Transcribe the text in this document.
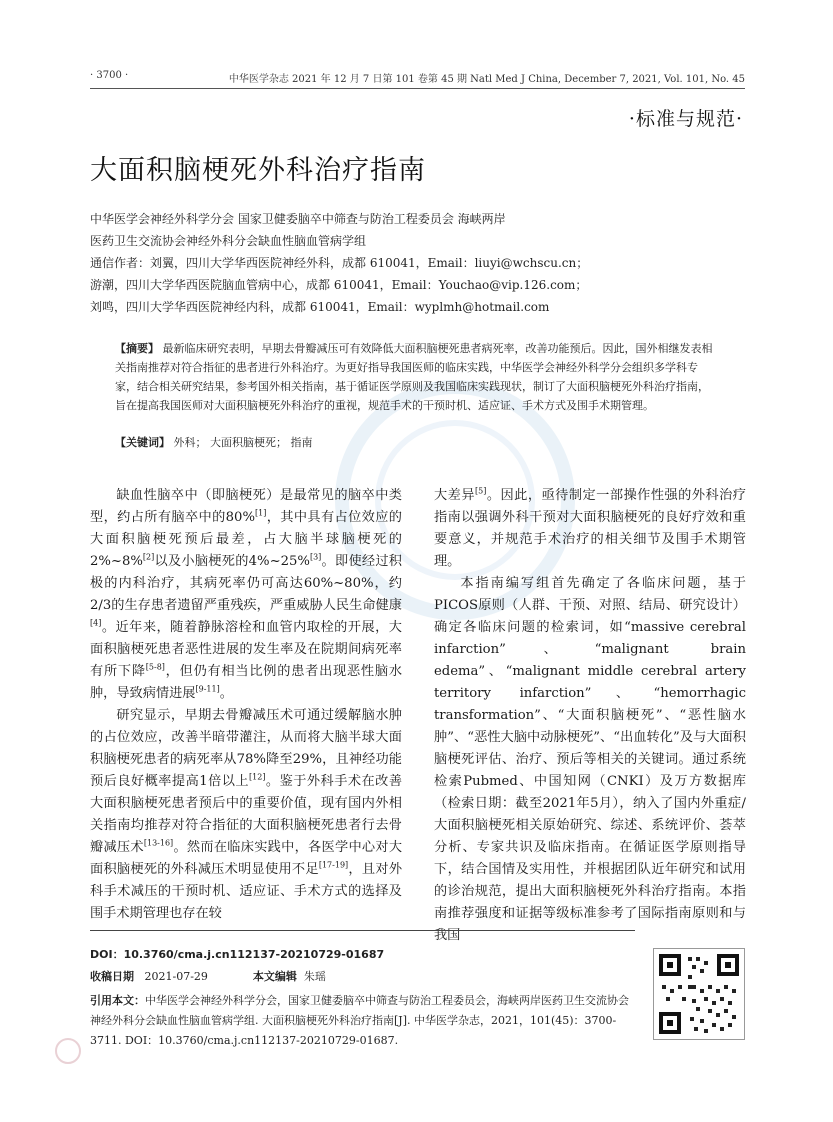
· 3700 ·	中华医学杂志 2021 年 12 月 7 日第 101 卷第 45 期 Natl Med J China, December 7, 2021, Vol. 101, No. 45
·标准与规范·
大面积脑梗死外科治疗指南
中华医学会神经外科学分会 国家卫健委脑卒中筛查与防治工程委员会 海峡两岸
医药卫生交流协会神经外科分会缺血性脑血管病学组
通信作者：刘翼，四川大学华西医院神经外科，成都 610041，Email：liuyi@wchscu.cn；
游潮，四川大学华西医院脑血管病中心，成都 610041，Email：Youchao@vip.126.com；
刘鸣，四川大学华西医院神经内科，成都 610041，Email：wyplmh@hotmail.com
【摘要】 最新临床研究表明，早期去骨瓣减压可有效降低大面积脑梗死患者病死率，改善功能预后。因此，国外相继发表相关指南推荐对符合指征的患者进行外科治疗。为更好指导我国医师的临床实践，中华医学会神经外科学分会组织多学科专家，结合相关研究结果，参考国外相关指南，基于循证医学原则及我国临床实践现状，制订了大面积脑梗死外科治疗指南，旨在提高我国医师对大面积脑梗死外科治疗的重视，规范手术的干预时机、适应证、手术方式及围手术期管理。
【关键词】 外科； 大面积脑梗死； 指南

缺血性脑卒中（即脑梗死）是最常见的脑卒中类型，约占所有脑卒中的80%[1]，其中具有占位效应的大面积脑梗死预后最差，占大脑半球脑梗死的2%~8%[2]以及小脑梗死的4%~25%[3]。即使经过积极的内科治疗，其病死率仍可高达60%~80%，约2/3的生存患者遗留严重残疾，严重威胁人民生命健康[4]。近年来，随着静脉溶栓和血管内取栓的开展，大面积脑梗死患者恶性进展的发生率及在院期间病死率有所下降[5-8]，但仍有相当比例的患者出现恶性脑水肿，导致病情进展[9-11]。

研究显示，早期去骨瓣减压术可通过缓解脑水肿的占位效应，改善半暗带灌注，从而将大脑半球大面积脑梗死患者的病死率从78%降至29%，且神经功能预后良好概率提高1倍以上[12]。鉴于外科手术在改善大面积脑梗死患者预后中的重要价值，现有国内外相关指南均推荐对符合指征的大面积脑梗死患者行去骨瓣减压术[13-16]。然而在临床实践中，各医学中心对大面积脑梗死的外科减压术明显使用不足[17-19]，且对外科手术减压的干预时机、适应证、手术方式的选择及围手术期管理也存在较

大差异[5]。因此，亟待制定一部操作性强的外科治疗指南以强调外科干预对大面积脑梗死的良好疗效和重要意义，并规范手术治疗的相关细节及围手术期管理。

本指南编写组首先确定了各临床问题，基于PICOS原则（人群、干预、对照、结局、研究设计）确定各临床问题的检索词，如“massive cerebral infarction”、“malignant brain edema”、“malignant middle cerebral artery territory infarction”、“hemorrhagic transformation”、“大面积脑梗死”、“恶性脑水肿”、“恶性大脑中动脉梗死”、“出血转化”及与大面积脑梗死评估、治疗、预后等相关的关键词。通过系统检索Pubmed、中国知网（CNKI）及万方数据库（检索日期：截至2021年5月），纳入了国内外重症/大面积脑梗死相关原始研究、综述、系统评价、荟萃分析、专家共识及临床指南。在循证医学原则指导下，结合国情及实用性，并根据团队近年研究和试用的诊治规范，提出大面积脑梗死外科治疗指南。本指南推荐强度和证据等级标准参考了国际指南原则和与我国

DOI：10.3760/cma.j.cn112137-20210729-01687
收稿日期 2021-07-29	本文编辑 朱瑶
引用本文：中华医学会神经外科学分会，国家卫健委脑卒中筛查与防治工程委员会，海峡两岸医药卫生交流协会神经外科分会缺血性脑血管病学组. 大面积脑梗死外科治疗指南[J]. 中华医学杂志，2021，101(45)：3700-3711. DOI：10.3760/cma.j.cn112137-20210729-01687.
